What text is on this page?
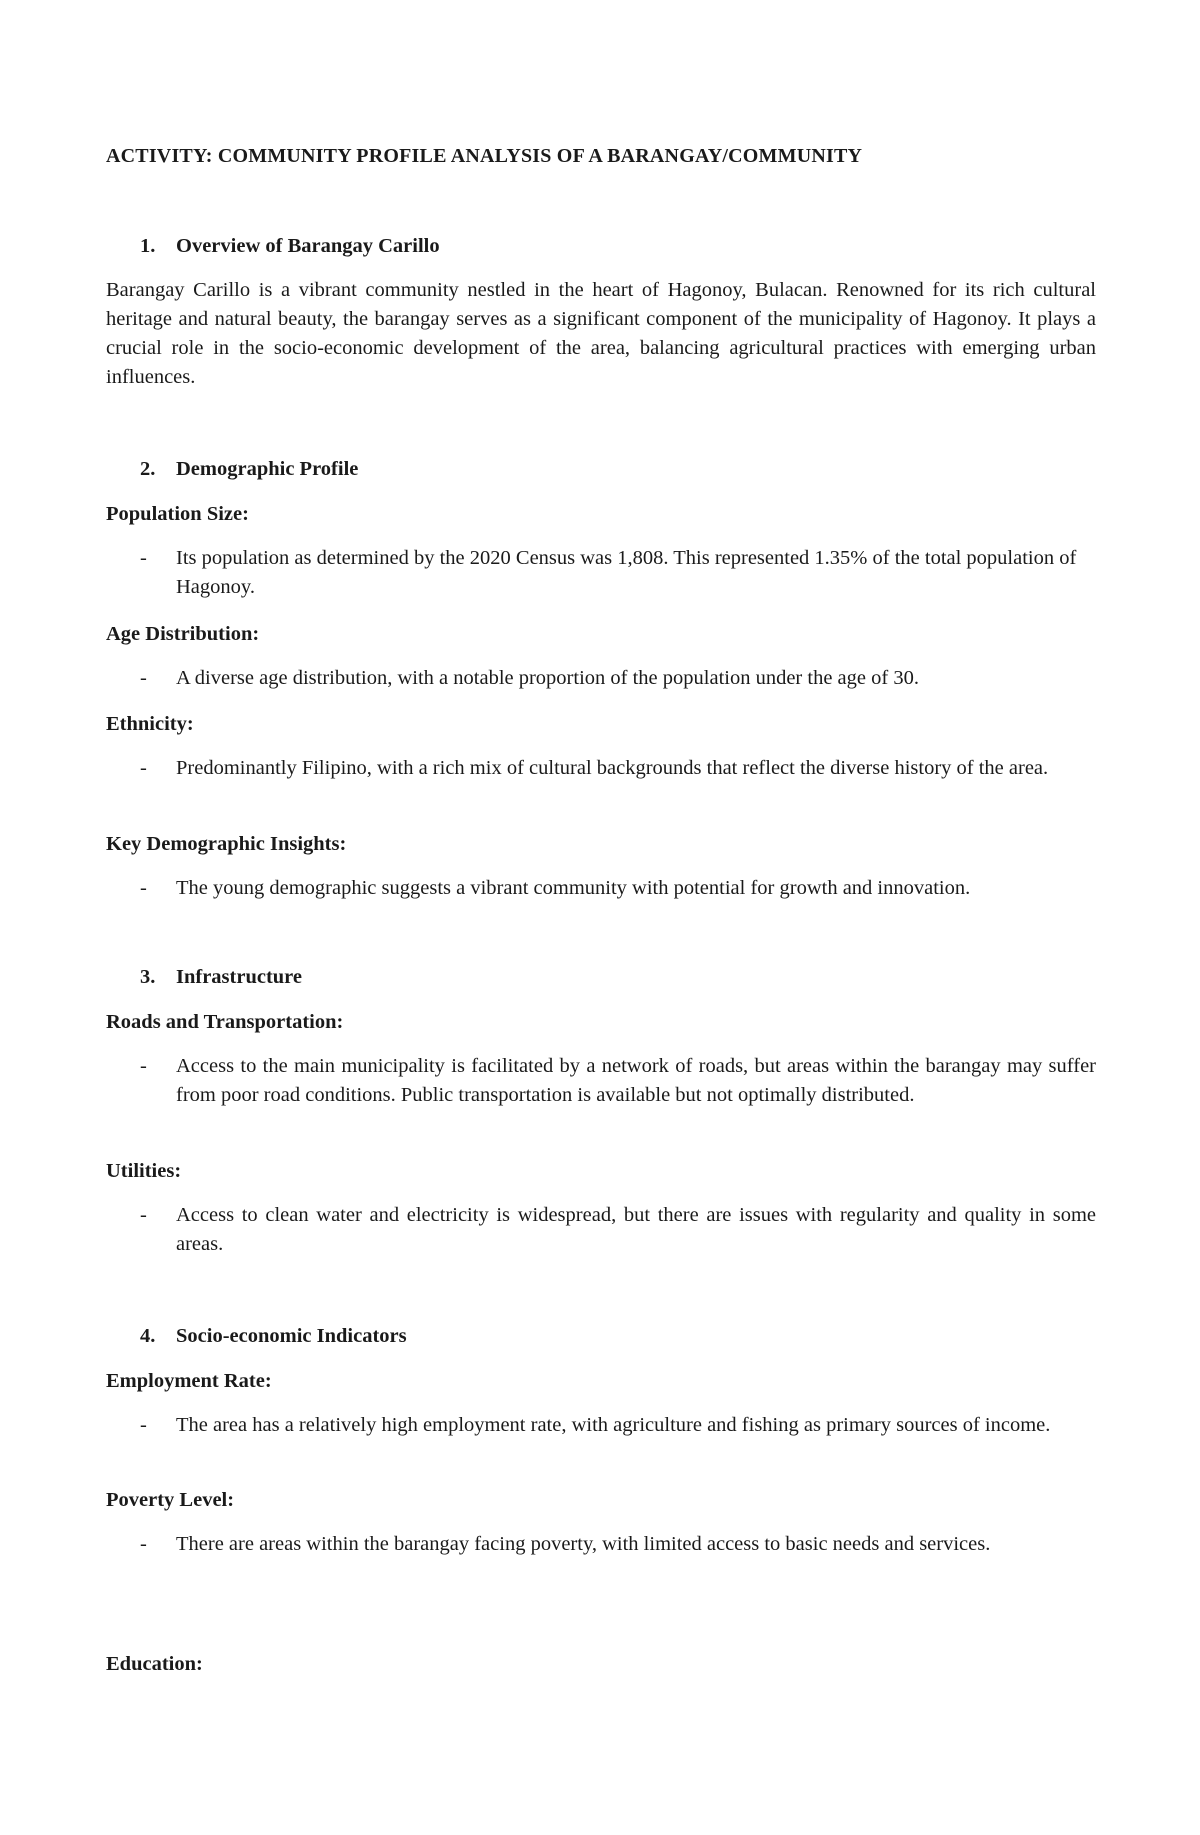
ACTIVITY: COMMUNITY PROFILE ANALYSIS OF A BARANGAY/COMMUNITY
1. Overview of Barangay Carillo

Barangay Carillo is a vibrant community nestled in the heart of Hagonoy, Bulacan. Renowned for its rich cultural heritage and natural beauty, the barangay serves as a significant component of the municipality of Hagonoy. It plays a crucial role in the socio-economic development of the area, balancing agricultural practices with emerging urban influences.

2. Demographic Profile
Population Size:
- Its population as determined by the 2020 Census was 1,808. This represented 1.35% of the total population of Hagonoy.
Age Distribution:
- A diverse age distribution, with a notable proportion of the population under the age of 30.
Ethnicity:
- Predominantly Filipino, with a rich mix of cultural backgrounds that reflect the diverse history of the area.
Key Demographic Insights:
- The young demographic suggests a vibrant community with potential for growth and innovation.
3. Infrastructure
Roads and Transportation:
- Access to the main municipality is facilitated by a network of roads, but areas within the barangay may suffer from poor road conditions. Public transportation is available but not optimally distributed.
Utilities:
- Access to clean water and electricity is widespread, but there are issues with regularity and quality in some areas.
4. Socio-economic Indicators
Employment Rate:
- The area has a relatively high employment rate, with agriculture and fishing as primary sources of income.
Poverty Level:
- There are areas within the barangay facing poverty, with limited access to basic needs and services.
Education:
